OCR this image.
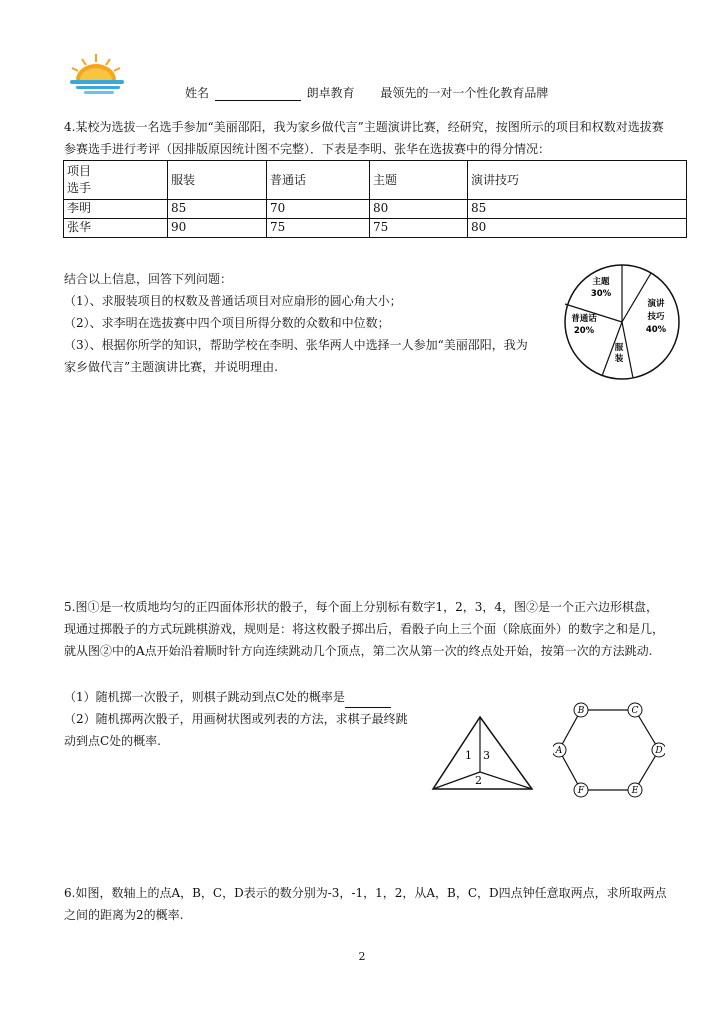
姓名	朗卓教育 最领先的一对一个性化教育品牌
4.某校为选拔一名选手参加“美丽邵阳，我为家乡做代言”主题演讲比赛，经研究，按图所示的项目和权数对选拔赛参赛选手进行考评（因排版原因统计图不完整）．下表是李明、张华在选拔赛中的得分情况：
项目
选手	服装	普通话	主题	演讲技巧
李明	85	70	80	85
张华	90	75	75	80
结合以上信息，回答下列问题：
（1）、求服装项目的权数及普通话项目对应扇形的圆心角大小；
（2）、求李明在选拔赛中四个项目所得分数的众数和中位数；
（3）、根据你所学的知识，帮助学校在李明、张华两人中选择一人参加“美丽邵阳，我为家乡做代言”主题演讲比赛，并说明理由.
主题
30%
演讲
技巧
40%
普通话
20%
服
装
5.图①是一枚质地均匀的正四面体形状的骰子，每个面上分别标有数字1，2，3，4，图②是一个正六边形棋盘，现通过掷骰子的方式玩跳棋游戏，规则是：将这枚骰子掷出后，看骰子向上三个面（除底面外）的数字之和是几，就从图②中的A点开始沿着顺时针方向连续跳动几个顶点，第二次从第一次的终点处开始，按第一次的方法跳动.
（1）随机掷一次骰子，则棋子跳动到点C处的概率是
（2）随机掷两次骰子，用画树状图或列表的方法，求棋子最终跳动到点C处的概率.
1 3
2
A
B	C
D
E
F
6.如图，数轴上的点A，B，C，D表示的数分别为-3，-1，1，2，从A，B，C，D四点钟任意取两点，求所取两点之间的距离为2的概率.
2
